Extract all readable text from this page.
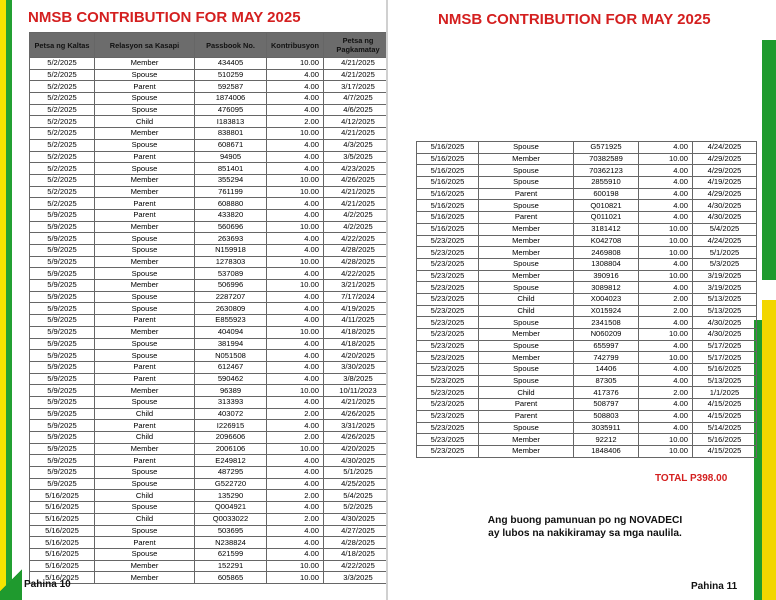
NMSB CONTRIBUTION FOR MAY 2025
Petsa ng Kaltas	Relasyon sa Kasapi	Passbook No.	Kontribusyon	Petsa ng Pagkamatay
5/2/2025	Member	434405	10.00	4/21/2025
5/2/2025	Spouse	510259	4.00	4/21/2025
5/2/2025	Parent	592587	4.00	3/17/2025
5/2/2025	Spouse	1874006	4.00	4/7/2025
5/2/2025	Spouse	476095	4.00	4/6/2025
5/2/2025	Child	I183813	2.00	4/12/2025
5/2/2025	Member	838801	10.00	4/21/2025
5/2/2025	Spouse	608671	4.00	4/3/2025
5/2/2025	Parent	94905	4.00	3/5/2025
5/2/2025	Spouse	851401	4.00	4/23/2025
5/2/2025	Member	355294	10.00	4/26/2025
5/2/2025	Member	761199	10.00	4/21/2025
5/2/2025	Parent	608880	4.00	4/21/2025
5/9/2025	Parent	433820	4.00	4/2/2025
5/9/2025	Member	560696	10.00	4/2/2025
5/9/2025	Spouse	263693	4.00	4/22/2025
5/9/2025	Spouse	N159918	4.00	4/28/2025
5/9/2025	Member	1278303	10.00	4/28/2025
5/9/2025	Spouse	537089	4.00	4/22/2025
5/9/2025	Member	506996	10.00	3/21/2025
5/9/2025	Spouse	2287207	4.00	7/17/2024
5/9/2025	Spouse	2630809	4.00	4/19/2025
5/9/2025	Parent	E855923	4.00	4/11/2025
5/9/2025	Member	404094	10.00	4/18/2025
5/9/2025	Spouse	381994	4.00	4/18/2025
5/9/2025	Spouse	N051508	4.00	4/20/2025
5/9/2025	Parent	612467	4.00	3/30/2025
5/9/2025	Parent	590462	4.00	3/8/2025
5/9/2025	Member	96389	10.00	10/11/2023
5/9/2025	Spouse	313393	4.00	4/21/2025
5/9/2025	Child	403072	2.00	4/26/2025
5/9/2025	Parent	I226915	4.00	3/31/2025
5/9/2025	Child	2096606	2.00	4/26/2025
5/9/2025	Member	2006106	10.00	4/20/2025
5/9/2025	Parent	E249812	4.00	4/30/2025
5/9/2025	Spouse	487295	4.00	5/1/2025
5/9/2025	Spouse	G522720	4.00	4/25/2025
5/16/2025	Child	135290	2.00	5/4/2025
5/16/2025	Spouse	Q004921	4.00	5/2/2025
5/16/2025	Child	Q0033022	2.00	4/30/2025
5/16/2025	Spouse	503695	4.00	4/27/2025
5/16/2025	Parent	N238824	4.00	4/28/2025
5/16/2025	Spouse	621599	4.00	4/18/2025
5/16/2025	Member	152291	10.00	4/22/2025
5/16/2025	Member	605865	10.00	3/3/2025
Pahina 10
NMSB CONTRIBUTION FOR MAY 2025
5/16/2025	Spouse	G571925	4.00	4/24/2025
5/16/2025	Member	70382589	10.00	4/29/2025
5/16/2025	Spouse	70362123	4.00	4/29/2025
5/16/2025	Spouse	2855910	4.00	4/19/2025
5/16/2025	Parent	600198	4.00	4/29/2025
5/16/2025	Spouse	Q010821	4.00	4/30/2025
5/16/2025	Parent	Q011021	4.00	4/30/2025
5/16/2025	Member	3181412	10.00	5/4/2025
5/23/2025	Member	K042708	10.00	4/24/2025
5/23/2025	Member	2469808	10.00	5/1/2025
5/23/2025	Spouse	1308804	4.00	5/3/2025
5/23/2025	Member	390916	10.00	3/19/2025
5/23/2025	Spouse	3089812	4.00	3/19/2025
5/23/2025	Child	X004023	2.00	5/13/2025
5/23/2025	Child	X015924	2.00	5/13/2025
5/23/2025	Spouse	2341508	4.00	4/30/2025
5/23/2025	Member	N060209	10.00	4/30/2025
5/23/2025	Spouse	655997	4.00	5/17/2025
5/23/2025	Member	742799	10.00	5/17/2025
5/23/2025	Spouse	14406	4.00	5/16/2025
5/23/2025	Spouse	87305	4.00	5/13/2025
5/23/2025	Child	417376	2.00	1/1/2025
5/23/2025	Parent	508797	4.00	4/15/2025
5/23/2025	Parent	508803	4.00	4/15/2025
5/23/2025	Spouse	3035911	4.00	5/14/2025
5/23/2025	Member	92212	10.00	5/16/2025
5/23/2025	Member	1848406	10.00	4/15/2025
TOTAL P398.00
Ang buong pamunuan po ng NOVADECI
ay lubos na nakikiramay sa mga naulila.
Pahina 11
